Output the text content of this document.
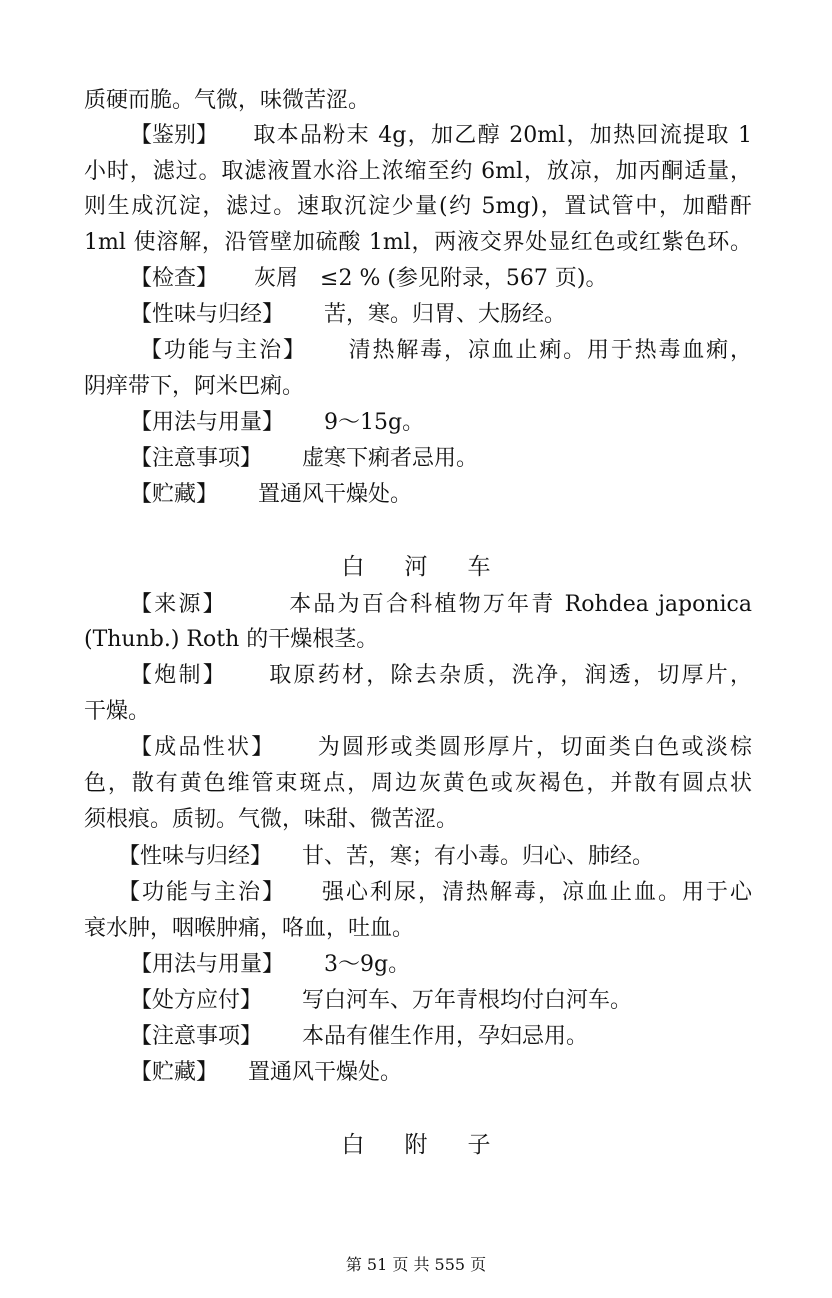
质硬而脆。气微，味微苦涩。
【鉴别】 取本品粉末 4g，加乙醇 20ml，加热回流提取 1
小时，滤过。取滤液置水浴上浓缩至约 6ml，放凉，加丙酮适量，
则生成沉淀，滤过。速取沉淀少量(约 5mg)，置试管中，加醋酐
1ml 使溶解，沿管壁加硫酸 1ml，两液交界处显红色或红紫色环。
【检查】 灰屑　≤2 % (参见附录，567 页)。
【性味与归经】 苦，寒。归胃、大肠经。
【功能与主治】 清热解毒，凉血止痢。用于热毒血痢，
阴痒带下，阿米巴痢。
【用法与用量】 9～15g。
【注意事项】 虚寒下痢者忌用。
【贮藏】 置通风干燥处。
白河车
【来源】	本品为百合科植物万年青 Rohdea japonica
(Thunb.) Roth 的干燥根茎。
【炮制】 取原药材，除去杂质，洗净，润透，切厚片，
干燥。
【成品性状】 为圆形或类圆形厚片，切面类白色或淡棕
色，散有黄色维管束斑点，周边灰黄色或灰褐色，并散有圆点状
须根痕。质韧。气微，味甜、微苦涩。
【性味与归经】 甘、苦，寒；有小毒。归心、肺经。
【功能与主治】 强心利尿，清热解毒，凉血止血。用于心
衰水肿，咽喉肿痛，咯血，吐血。
【用法与用量】 3～9g。
【处方应付】 写白河车、万年青根均付白河车。
【注意事项】 本品有催生作用，孕妇忌用。
【贮藏】 置通风干燥处。
白附子
第 51 页 共 555 页
